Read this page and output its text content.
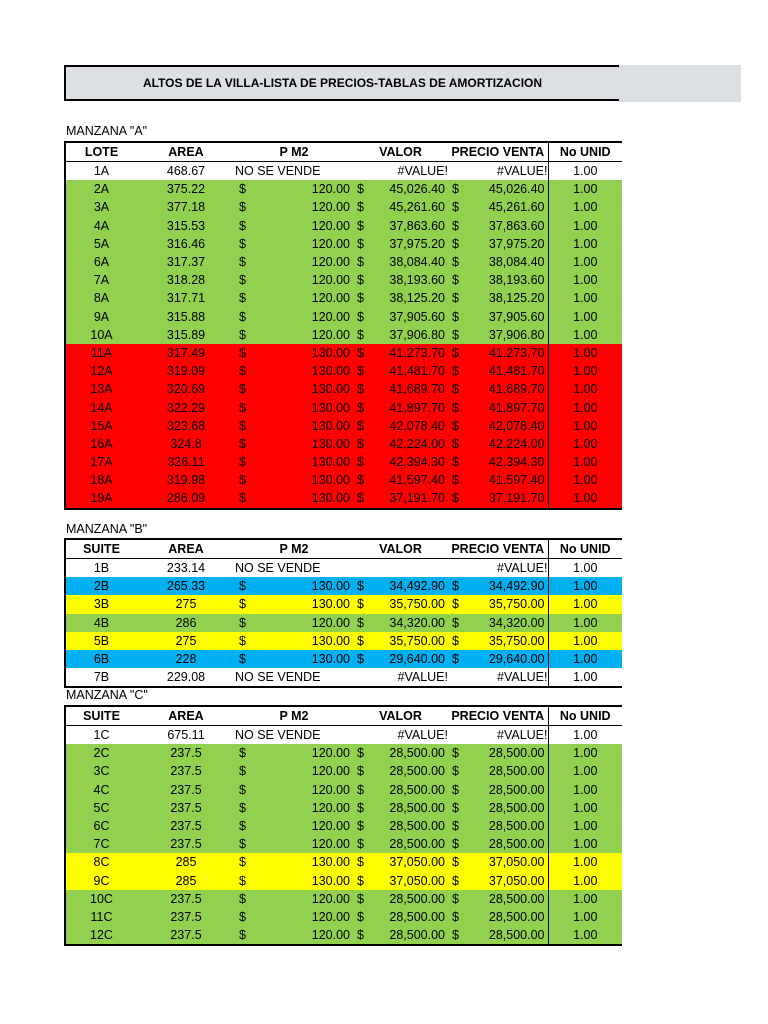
ALTOS DE LA VILLA-LISTA DE PRECIOS-TABLAS DE AMORTIZACION
MANZANA "A"
LOTE	AREA	P M2	VALOR	PRECIO VENTA	No UNID
1A	468.67	NO SE VENDE	#VALUE!	#VALUE!	1.00
2A	375.22	$ 120.00	$ 45,026.40	$ 45,026.40	1.00
3A	377.18	$ 120.00	$ 45,261.60	$ 45,261.60	1.00
4A	315.53	$ 120.00	$ 37,863.60	$ 37,863.60	1.00
5A	316.46	$ 120.00	$ 37,975.20	$ 37,975.20	1.00
6A	317.37	$ 120.00	$ 38,084.40	$ 38,084.40	1.00
7A	318.28	$ 120.00	$ 38,193.60	$ 38,193.60	1.00
8A	317.71	$ 120.00	$ 38,125.20	$ 38,125.20	1.00
9A	315.88	$ 120.00	$ 37,905.60	$ 37,905.60	1.00
10A	315.89	$ 120.00	$ 37,906.80	$ 37,906.80	1.00
11A	317.49	$ 130.00	$ 41,273.70	$ 41,273.70	1.00
12A	319.09	$ 130.00	$ 41,481.70	$ 41,481.70	1.00
13A	320.69	$ 130.00	$ 41,689.70	$ 41,689.70	1.00
14A	322.29	$ 130.00	$ 41,897.70	$ 41,897.70	1.00
15A	323.68	$ 130.00	$ 42,078.40	$ 42,078.40	1.00
16A	324.8	$ 130.00	$ 42,224.00	$ 42,224.00	1.00
17A	326.11	$ 130.00	$ 42,394.30	$ 42,394.30	1.00
18A	319.98	$ 130.00	$ 41,597.40	$ 41,597.40	1.00
19A	286.09	$ 130.00	$ 37,191.70	$ 37,191.70	1.00
MANZANA "B"
SUITE	AREA	P M2	VALOR	PRECIO VENTA	No UNID
1B	233.14	NO SE VENDE		#VALUE!	1.00
2B	265.33	$ 130.00	$ 34,492.90	$ 34,492.90	1.00
3B	275	$ 130.00	$ 35,750.00	$ 35,750.00	1.00
4B	286	$ 120.00	$ 34,320.00	$ 34,320.00	1.00
5B	275	$ 130.00	$ 35,750.00	$ 35,750.00	1.00
6B	228	$ 130.00	$ 29,640.00	$ 29,640.00	1.00
7B	229.08	NO SE VENDE	#VALUE!	#VALUE!	1.00
MANZANA "C"
SUITE	AREA	P M2	VALOR	PRECIO VENTA	No UNID
1C	675.11	NO SE VENDE	#VALUE!	#VALUE!	1.00
2C	237.5	$ 120.00	$ 28,500.00	$ 28,500.00	1.00
3C	237.5	$ 120.00	$ 28,500.00	$ 28,500.00	1.00
4C	237.5	$ 120.00	$ 28,500.00	$ 28,500.00	1.00
5C	237.5	$ 120.00	$ 28,500.00	$ 28,500.00	1.00
6C	237.5	$ 120.00	$ 28,500.00	$ 28,500.00	1.00
7C	237.5	$ 120.00	$ 28,500.00	$ 28,500.00	1.00
8C	285	$ 130.00	$ 37,050.00	$ 37,050.00	1.00
9C	285	$ 130.00	$ 37,050.00	$ 37,050.00	1.00
10C	237.5	$ 120.00	$ 28,500.00	$ 28,500.00	1.00
11C	237.5	$ 120.00	$ 28,500.00	$ 28,500.00	1.00
12C	237.5	$ 120.00	$ 28,500.00	$ 28,500.00	1.00
